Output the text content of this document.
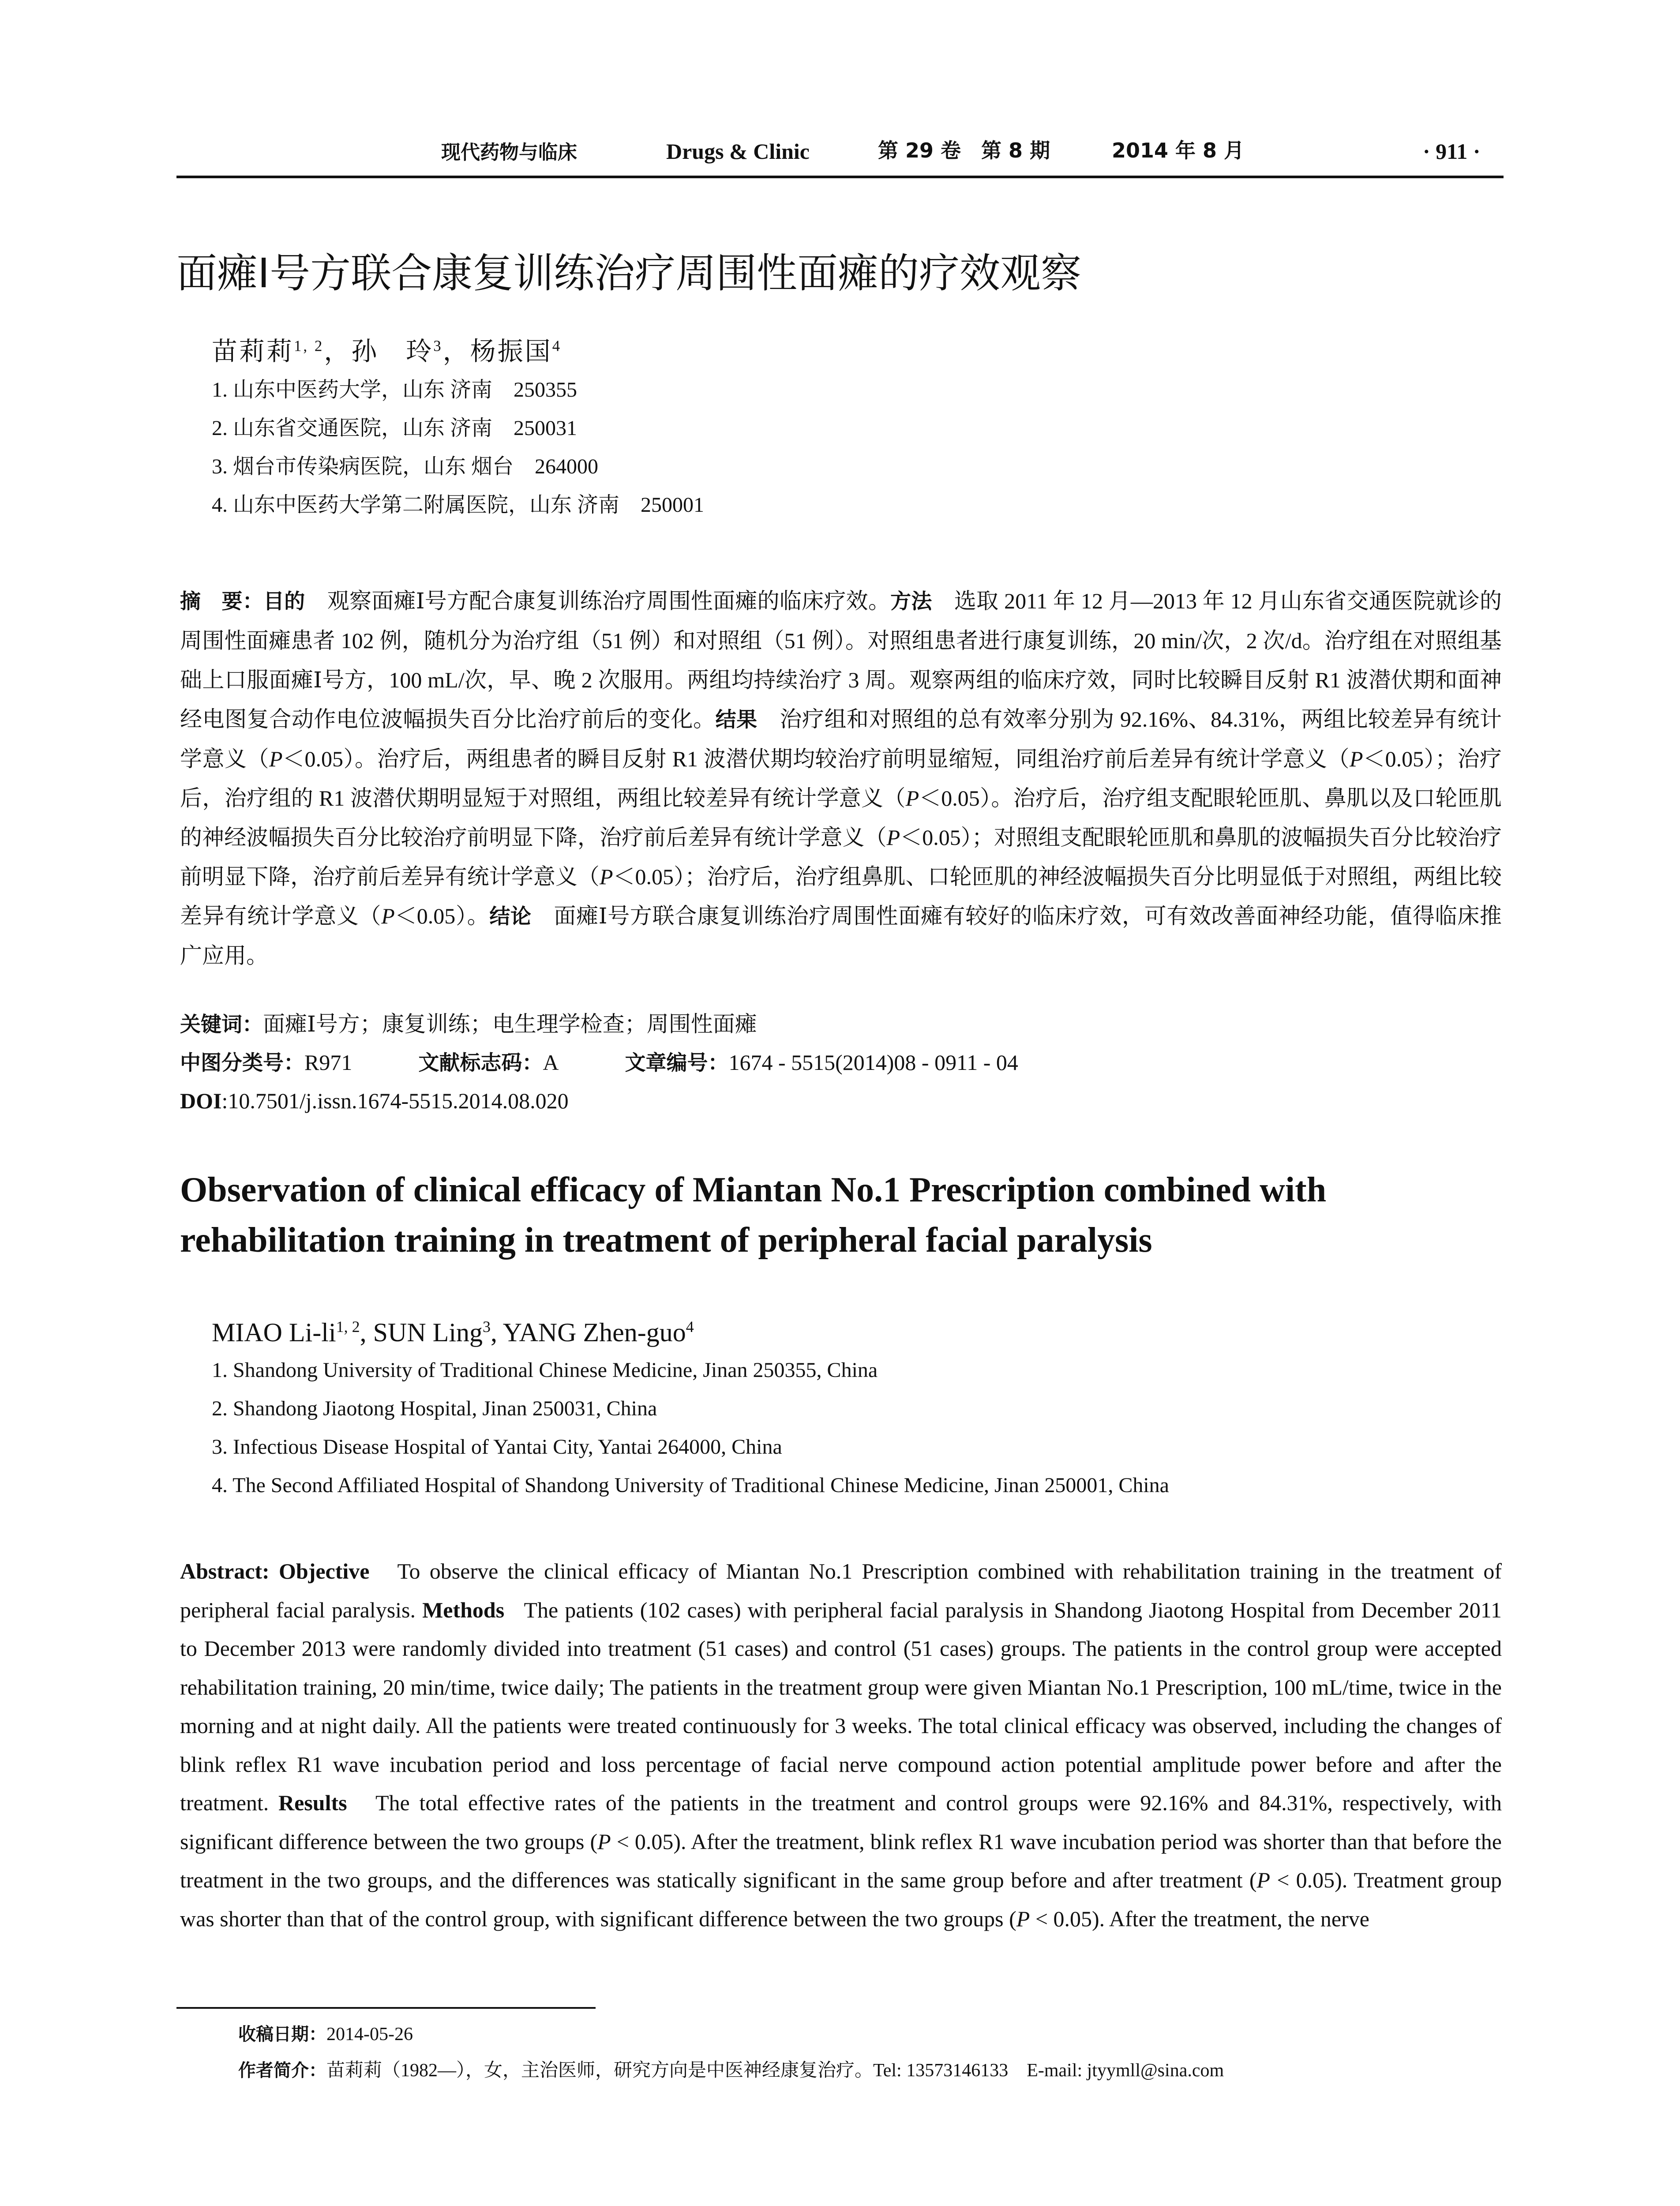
现代药物与临床	Drugs & Clinic	第 29 卷　第 8 期	2014 年 8 月	· 911 ·
面瘫Ⅰ号方联合康复训练治疗周围性面瘫的疗效观察
苗莉莉$^{1, 2}$，孙　玲$^3$，杨振国$^4$
1. 山东中医药大学，山东 济南　250355
2. 山东省交通医院，山东 济南　250031
3. 烟台市传染病医院，山东 烟台　264000
4. 山东中医药大学第二附属医院，山东 济南　250001

摘　要：目的　 观察面瘫Ⅰ号方配合康复训练治疗周围性面瘫的临床疗效。方法　 选取 2011 年 12 月—2013 年 12 月山东省交通医院就诊的周围性面瘫患者 102 例，随机分为治疗组（51 例）和对照组（51 例）。对照组患者进行康复训练，20 min/次，2 次/d。治疗组在对照组基础上口服面瘫Ⅰ号方，100 mL/次，早、晚 2 次服用。两组均持续治疗 3 周。观察两组的临床疗效，同时比较瞬目反射 R1 波潜伏期和面神经电图复合动作电位波幅损失百分比治疗前后的变化。结果　 治疗组和对照组的总有效率分别为 92.16%、84.31%，两组比较差异有统计学意义（P＜0.05）。治疗后，两组患者的瞬目反射 R1 波潜伏期均较治疗前明显缩短，同组治疗前后差异有统计学意义（P＜0.05）；治疗后，治疗组的 R1 波潜伏期明显短于对照组，两组比较差异有统计学意义（P＜0.05）。治疗后，治疗组支配眼轮匝肌、鼻肌以及口轮匝肌的神经波幅损失百分比较治疗前明显下降，治疗前后差异有统计学意义（P＜0.05）；对照组支配眼轮匝肌和鼻肌的波幅损失百分比较治疗前明显下降，治疗前后差异有统计学意义（P＜0.05）；治疗后，治疗组鼻肌、口轮匝肌的神经波幅损失百分比明显低于对照组，两组比较差异有统计学意义（P＜0.05）。结论　 面瘫Ⅰ号方联合康复训练治疗周围性面瘫有较好的临床疗效，可有效改善面神经功能，值得临床推广应用。

关键词：面瘫Ⅰ号方；康复训练；电生理学检查；周围性面瘫
中图分类号：R971	文献标志码：A	文章编号：1674 - 5515(2014)08 - 0911 - 04
DOI:10.7501/j.issn.1674-5515.2014.08.020
Observation of clinical efficacy of Miantan No.1 Prescription combined with
rehabilitation training in treatment of peripheral facial paralysis
MIAO Li-li$^{1, 2}$, SUN Ling$^3$, YANG Zhen-guo$^4$
1. Shandong University of Traditional Chinese Medicine, Jinan 250355, China
2. Shandong Jiaotong Hospital, Jinan 250031, China
3. Infectious Disease Hospital of Yantai City, Yantai 264000, China
4. The Second Affiliated Hospital of Shandong University of Traditional Chinese Medicine, Jinan 250001, China

Abstract: Objective To observe the clinical efficacy of Miantan No.1 Prescription combined with rehabilitation training in the treatment of peripheral facial paralysis. Methods The patients (102 cases) with peripheral facial paralysis in Shandong Jiaotong Hospital from December 2011 to December 2013 were randomly divided into treatment (51 cases) and control (51 cases) groups. The patients in the control group were accepted rehabilitation training, 20 min/time, twice daily; The patients in the treatment group were given Miantan No.1 Prescription, 100 mL/time, twice in the morning and at night daily. All the patients were treated continuously for 3 weeks. The total clinical efficacy was observed, including the changes of blink reflex R1 wave incubation period and loss percentage of facial nerve compound action potential amplitude power before and after the treatment. Results The total effective rates of the patients in the treatment and control groups were 92.16% and 84.31%, respectively, with significant difference between the two groups (P < 0.05). After the treatment, blink reflex R1 wave incubation period was shorter than that before the treatment in the two groups, and the differences was statically significant in the same group before and after treatment (P < 0.05). Treatment group was shorter than that of the control group, with significant difference between the two groups (P < 0.05). After the treatment, the nerve

收稿日期：2014-05-26
作者简介：苗莉莉（1982—），女，主治医师，研究方向是中医神经康复治疗。Tel: 13573146133　E-mail: jtyymll@sina.com
